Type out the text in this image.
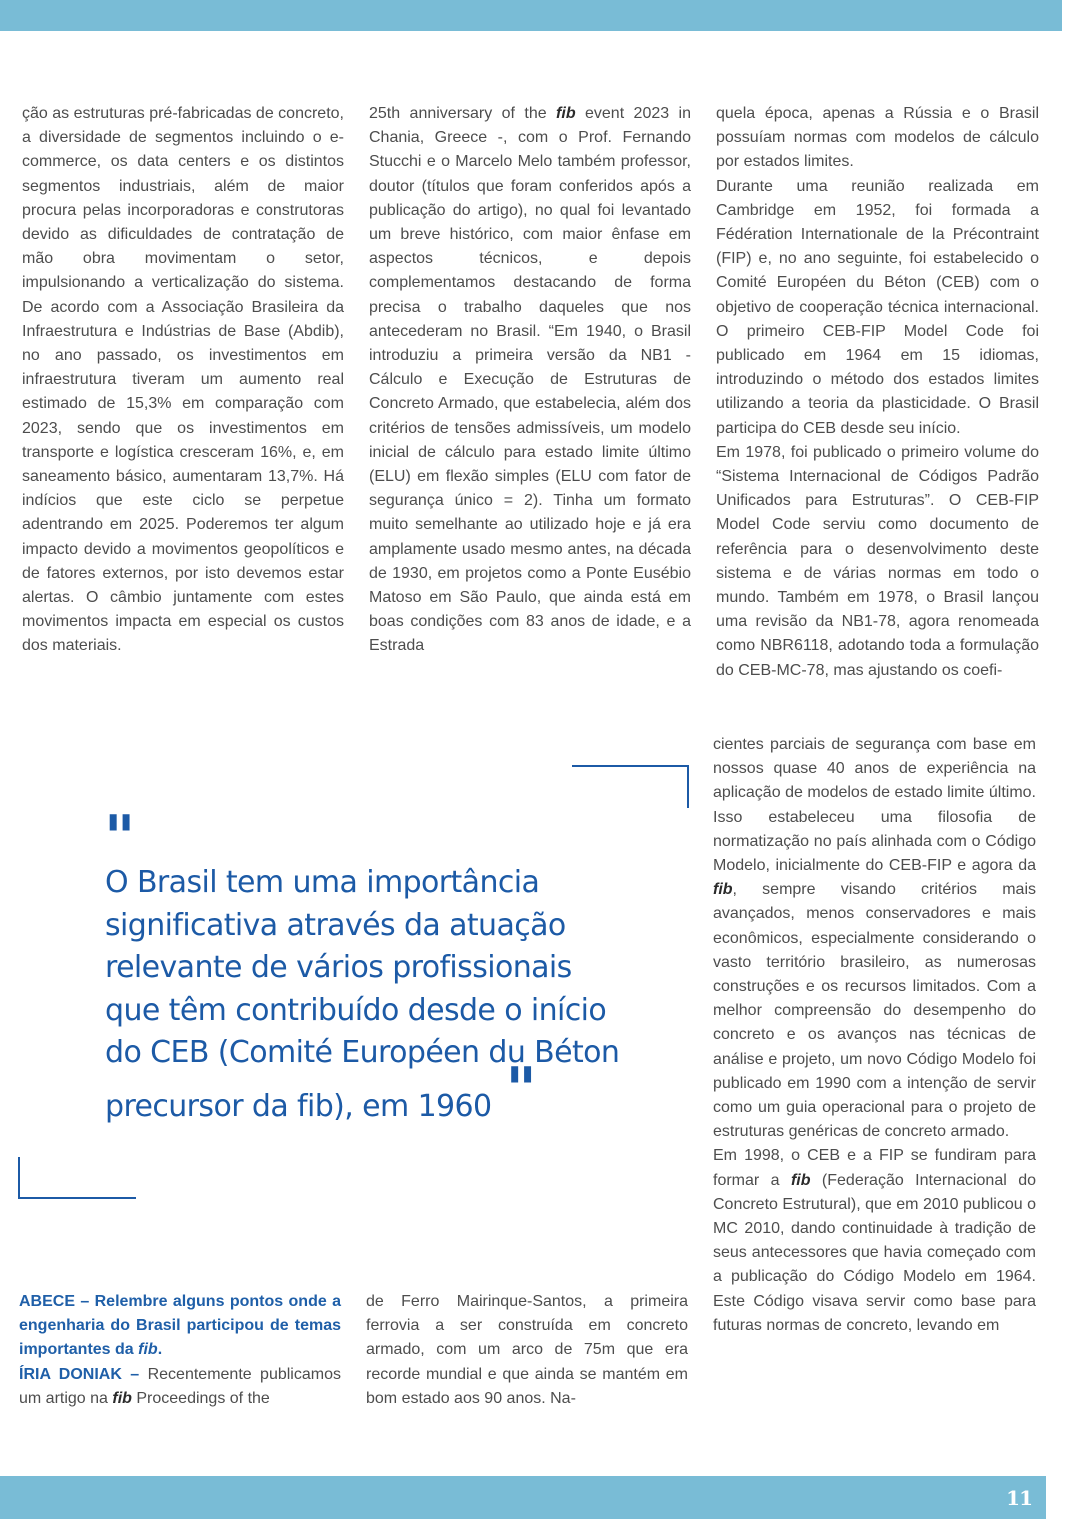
ção as estruturas pré-fabricadas de concreto, a diversidade de segmentos incluindo o e-commerce, os data centers e os distintos segmentos industriais, além de maior procura pelas incorporadoras e construtoras devido as dificuldades de contratação de mão obra movimentam o setor, impulsionando a verticalização do sistema. De acordo com a Associação Brasileira da Infraestrutura e Indústrias de Base (Abdib), no ano passado, os investimentos em infraestrutura tiveram um aumento real estimado de 15,3% em comparação com 2023, sendo que os investimentos em transporte e logística cresceram 16%, e, em saneamento básico, aumentaram 13,7%. Há indícios que este ciclo se perpetue adentrando em 2025. Poderemos ter algum impacto devido a movimentos geopolíticos e de fatores externos, por isto devemos estar alertas. O câmbio juntamente com estes movimentos impacta em especial os custos dos materiais.

25th anniversary of the fib event 2023 in Chania, Greece -, com o Prof. Fernando Stucchi e o Marcelo Melo também professor, doutor (títulos que foram conferidos após a publicação do artigo), no qual foi levantado um breve histórico, com maior ênfase em aspectos técnicos, e depois complementamos destacando de forma precisa o trabalho daqueles que nos antecederam no Brasil. “Em 1940, o Brasil introduziu a primeira versão da NB1 - Cálculo e Execução de Estruturas de Concreto Armado, que estabelecia, além dos critérios de tensões admissíveis, um modelo inicial de cálculo para estado limite último (ELU) em flexão simples (ELU com fator de segurança único = 2). Tinha um formato muito semelhante ao utilizado hoje e já era amplamente usado mesmo antes, na década de 1930, em projetos como a Ponte Eusébio Matoso em São Paulo, que ainda está em boas condições com 83 anos de idade, e a Estrada

quela época, apenas a Rússia e o Brasil possuíam normas com modelos de cálculo por estados limites.

Durante uma reunião realizada em Cambridge em 1952, foi formada a Fédération Internationale de la Précontraint (FIP) e, no ano seguinte, foi estabelecido o Comité Européen du Béton (CEB) com o objetivo de cooperação técnica internacional. O primeiro CEB-FIP Model Code foi publicado em 1964 em 15 idiomas, introduzindo o método dos estados limites utilizando a teoria da plasticidade. O Brasil participa do CEB desde seu início.

Em 1978, foi publicado o primeiro volume do “Sistema Internacional de Códigos Padrão Unificados para Estruturas”. O CEB-FIP Model Code serviu como documento de referência para o desenvolvimento deste sistema e de várias normas em todo o mundo. Também em 1978, o Brasil lançou uma revisão da NB1-78, agora renomeada como NBR6118, adotando toda a formulação do CEB-MC-78, mas ajustando os coefi-

cientes parciais de segurança com base em nossos quase 40 anos de experiência na aplicação de modelos de estado limite último. Isso estabeleceu uma filosofia de normatização no país alinhada com o Código Modelo, inicialmente do CEB-FIP e agora da fib, sempre visando critérios mais avançados, menos conservadores e mais econômicos, especialmente considerando o vasto território brasileiro, as numerosas construções e os recursos limitados. Com a melhor compreensão do desempenho do concreto e os avanços nas técnicas de análise e projeto, um novo Código Modelo foi publicado em 1990 com a intenção de servir como um guia operacional para o projeto de estruturas genéricas de concreto armado.

Em 1998, o CEB e a FIP se fundiram para formar a fib (Federação Internacional do Concreto Estrutural), que em 2010 publicou o MC 2010, dando continuidade à tradição de seus antecessores que havia começado com a publicação do Código Modelo em 1964. Este Código visava servir como base para futuras normas de concreto, levando em

"

O Brasil tem uma importância significativa através da atuação relevante de vários profissionais que têm contribuído desde o início do CEB (Comité Européen du Béton precursor da fib), em 1960 "

ABECE – Relembre alguns pontos onde a engenharia do Brasil participou de temas importantes da fib.

ÍRIA DONIAK – Recentemente publicamos um artigo na fib Proceedings of the

de Ferro Mairinque-Santos, a primeira ferrovia a ser construída em concreto armado, com um arco de 75m que era recorde mundial e que ainda se mantém em bom estado aos 90 anos. Na-

11
